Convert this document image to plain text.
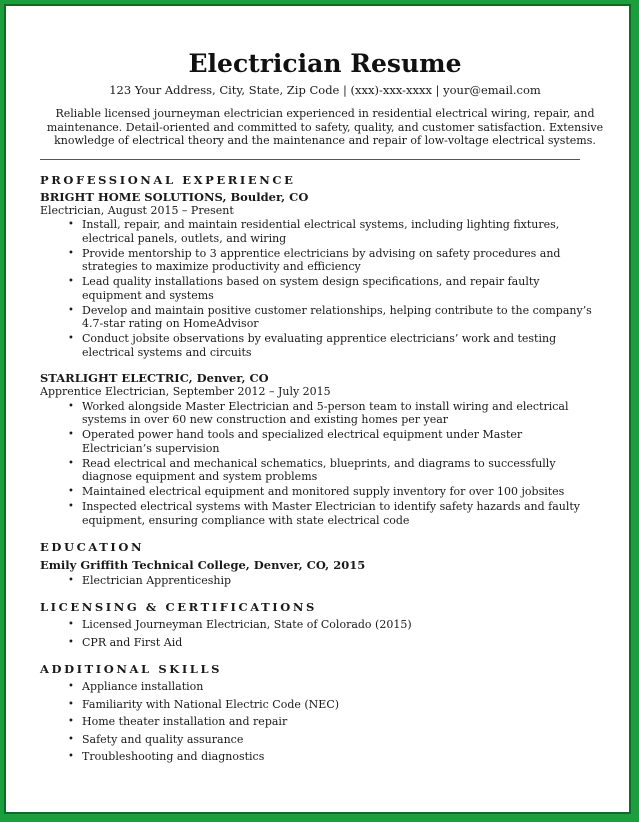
Electrician Resume
123 Your Address, City, State, Zip Code | (xxx)-xxx-xxxx | your@email.com
Reliable licensed journeyman electrician experienced in residential electrical wiring, repair, and maintenance. Detail-oriented and committed to safety, quality, and customer satisfaction. Extensive knowledge of electrical theory and the maintenance and repair of low-voltage electrical systems.
PROFESSIONAL EXPERIENCE
BRIGHT HOME SOLUTIONS, Boulder, CO
Electrician, August 2015 – Present
• Install, repair, and maintain residential electrical systems, including lighting fixtures, electrical panels, outlets, and wiring
• Provide mentorship to 3 apprentice electricians by advising on safety procedures and strategies to maximize productivity and efficiency
• Lead quality installations based on system design specifications, and repair faulty equipment and systems
• Develop and maintain positive customer relationships, helping contribute to the company’s 4.7-star rating on HomeAdvisor
• Conduct jobsite observations by evaluating apprentice electricians’ work and testing electrical systems and circuits
STARLIGHT ELECTRIC, Denver, CO
Apprentice Electrician, September 2012 – July 2015
• Worked alongside Master Electrician and 5-person team to install wiring and electrical systems in over 60 new construction and existing homes per year
• Operated power hand tools and specialized electrical equipment under Master Electrician’s supervision
• Read electrical and mechanical schematics, blueprints, and diagrams to successfully diagnose equipment and system problems
• Maintained electrical equipment and monitored supply inventory for over 100 jobsites
• Inspected electrical systems with Master Electrician to identify safety hazards and faulty equipment, ensuring compliance with state electrical code
EDUCATION
Emily Griffith Technical College, Denver, CO, 2015
• Electrician Apprenticeship
LICENSING & CERTIFICATIONS
• Licensed Journeyman Electrician, State of Colorado (2015)
• CPR and First Aid
ADDITIONAL SKILLS
• Appliance installation
• Familiarity with National Electric Code (NEC)
• Home theater installation and repair
• Safety and quality assurance
• Troubleshooting and diagnostics
